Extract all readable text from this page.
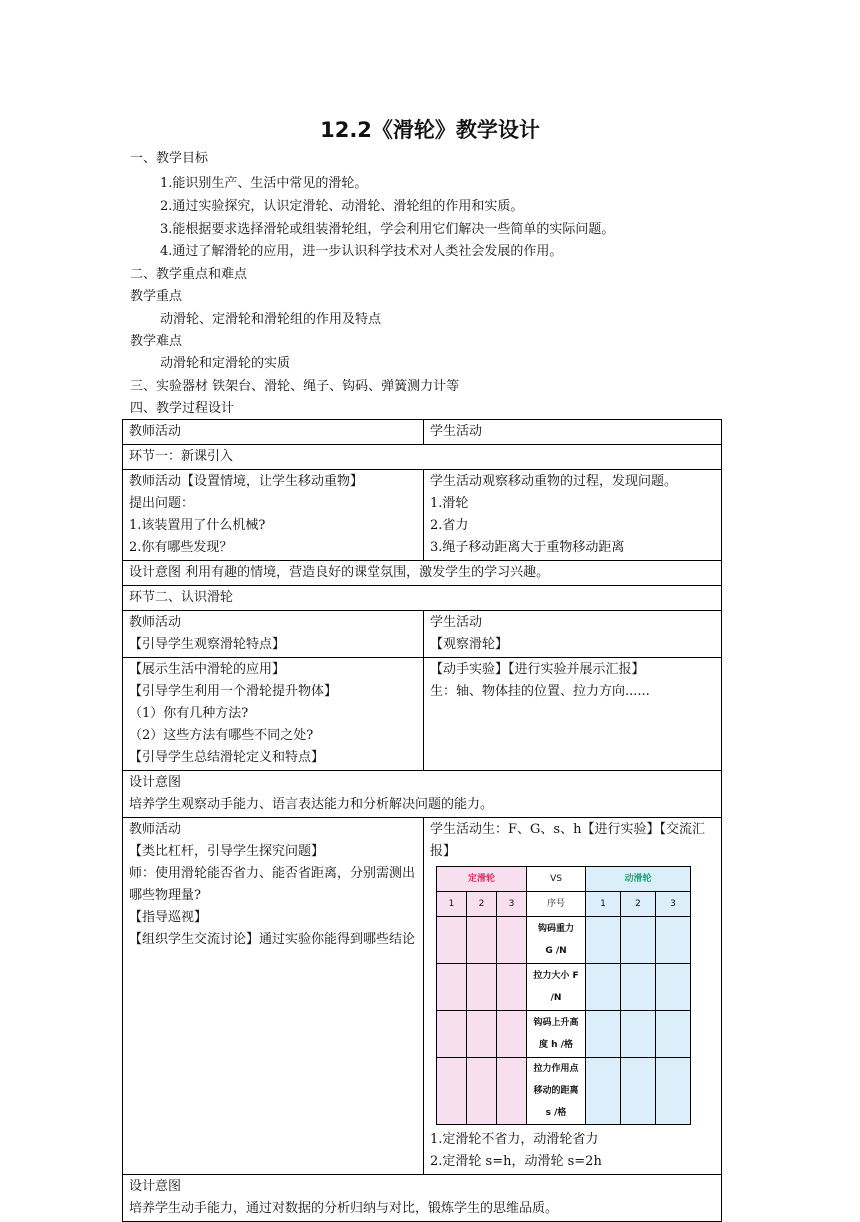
12.2《滑轮》教学设计
一、教学目标
1.能识别生产、生活中常见的滑轮。
2.通过实验探究，认识定滑轮、动滑轮、滑轮组的作用和实质。
3.能根据要求选择滑轮或组装滑轮组，学会利用它们解决一些简单的实际问题。
4.通过了解滑轮的应用，进一步认识科学技术对人类社会发展的作用。
二、教学重点和难点
教学重点
动滑轮、定滑轮和滑轮组的作用及特点
教学难点
动滑轮和定滑轮的实质
三、实验器材 铁架台、滑轮、绳子、钩码、弹簧测力计等
四、教学过程设计
教师活动	学生活动
环节一：新课引入

教师活动【设置情境，让学生移动重物】
提出问题：
1.该装置用了什么机械?
2.你有哪些发现？

学生活动观察移动重物的过程，发现问题。
1.滑轮
2.省力
3.绳子移动距离大于重物移动距离

设计意图 利用有趣的情境，营造良好的课堂氛围，激发学生的学习兴趣。
环节二、认识滑轮

教师活动
【引导学生观察滑轮特点】

学生活动
【观察滑轮】

【展示生活中滑轮的应用】
【引导学生利用一个滑轮提升物体】
（1）你有几种方法?
（2）这些方法有哪些不同之处?
【引导学生总结滑轮定义和特点】

【动手实验】【进行实验并展示汇报】
生：轴、物体挂的位置、拉力方向......

设计意图
培养学生观察动手能力、语言表达能力和分析解决问题的能力。

教师活动
【类比杠杆，引导学生探究问题】
师：使用滑轮能否省力、能否省距离，分别需测出哪些物理量?
【指导巡视】
【组织学生交流讨论】通过实验你能得到哪些结论

学生活动生：F、G、s、h【进行实验】【交流汇报】
定滑轮	VS	动滑轮
1	2	3	序号	1	2	3
			钩码重力 G /N			
			拉力大小 F /N			
			钩码上升高度 h /格			
			拉力作用点移动的距离 s /格			
1.定滑轮不省力，动滑轮省力
2.定滑轮 s=h，动滑轮 s=2h

设计意图
培养学生动手能力，通过对数据的分析归纳与对比，锻炼学生的思维品质。
